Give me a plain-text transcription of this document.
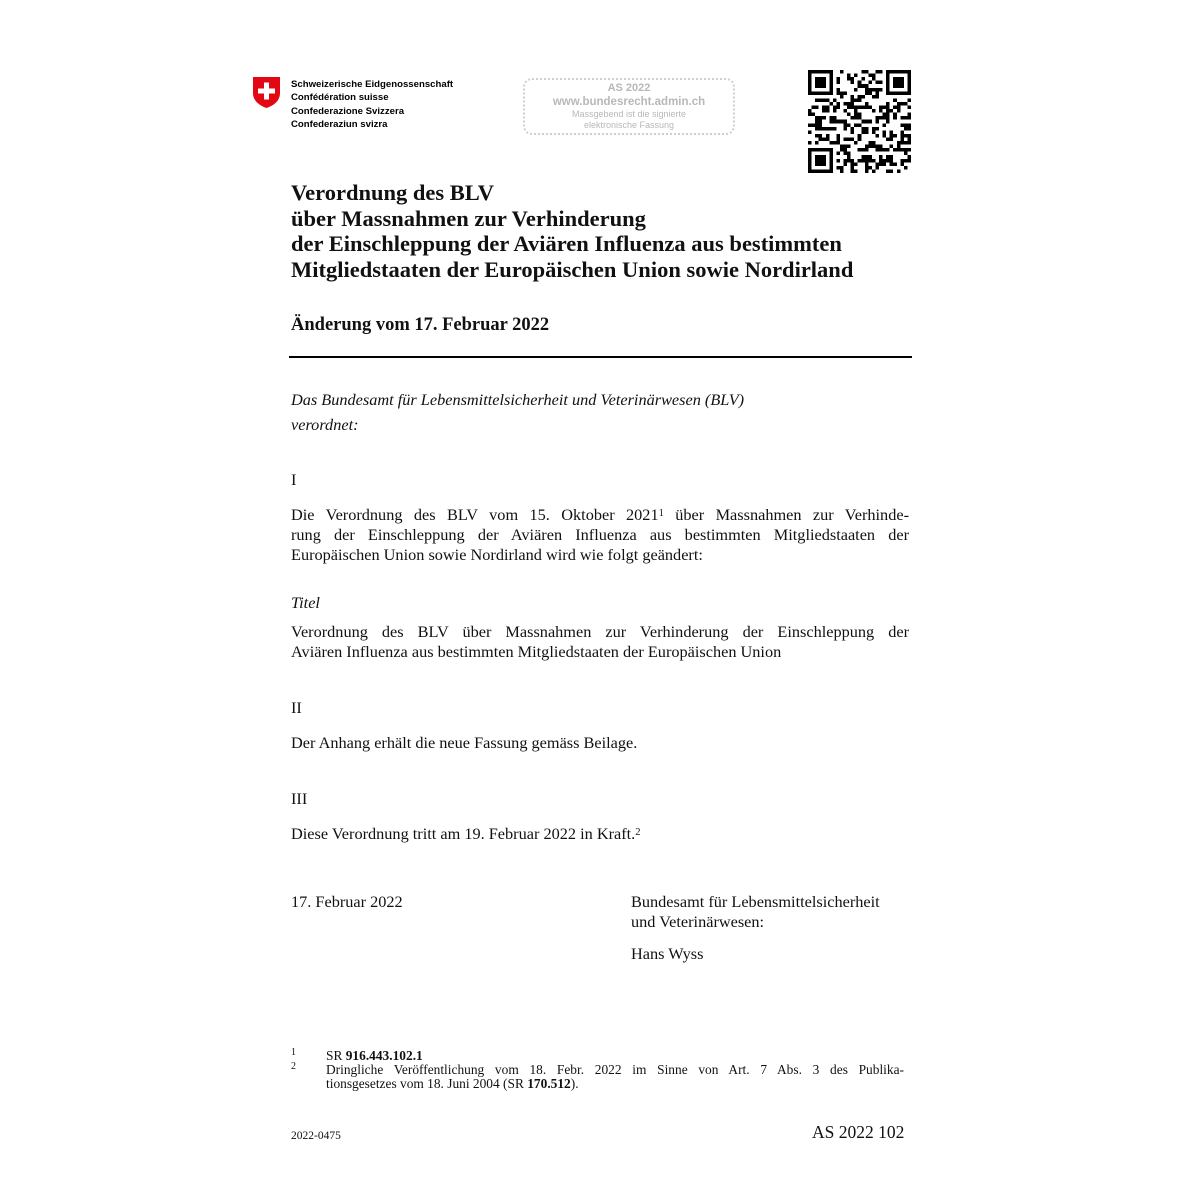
Schweizerische Eidgenossenschaft
Confédération suisse
Confederazione Svizzera
Confederaziun svizra
AS 2022
www.bundesrecht.admin.ch
Massgebend ist die signierte
elektronische Fassung
Verordnung des BLV
über Massnahmen zur Verhinderung
der Einschleppung der Aviären Influenza aus bestimmten
Mitgliedstaaten der Europäischen Union sowie Nordirland
Änderung vom 17. Februar 2022
Das Bundesamt für Lebensmittelsicherheit und Veterinärwesen (BLV)
verordnet:
I
Die Verordnung des BLV vom 15. Oktober 2021$^1$ über Massnahmen zur Verhinde-
rung der Einschleppung der Aviären Influenza aus bestimmten Mitgliedstaaten der
Europäischen Union sowie Nordirland wird wie folgt geändert:
Titel
Verordnung des BLV über Massnahmen zur Verhinderung der Einschleppung der
Aviären Influenza aus bestimmten Mitgliedstaaten der Europäischen Union
II
Der Anhang erhält die neue Fassung gemäss Beilage.
III
Diese Verordnung tritt am 19. Februar 2022 in Kraft.$^2$
17. Februar 2022	Bundesamt für Lebensmittelsicherheit
und Veterinärwesen:
Hans Wyss
1 SR 916.443.102.1
2 Dringliche Veröffentlichung vom 18. Febr. 2022 im Sinne von Art. 7 Abs. 3 des Publika-
tionsgesetzes vom 18. Juni 2004 (SR 170.512).
2022-0475	AS 2022 102
